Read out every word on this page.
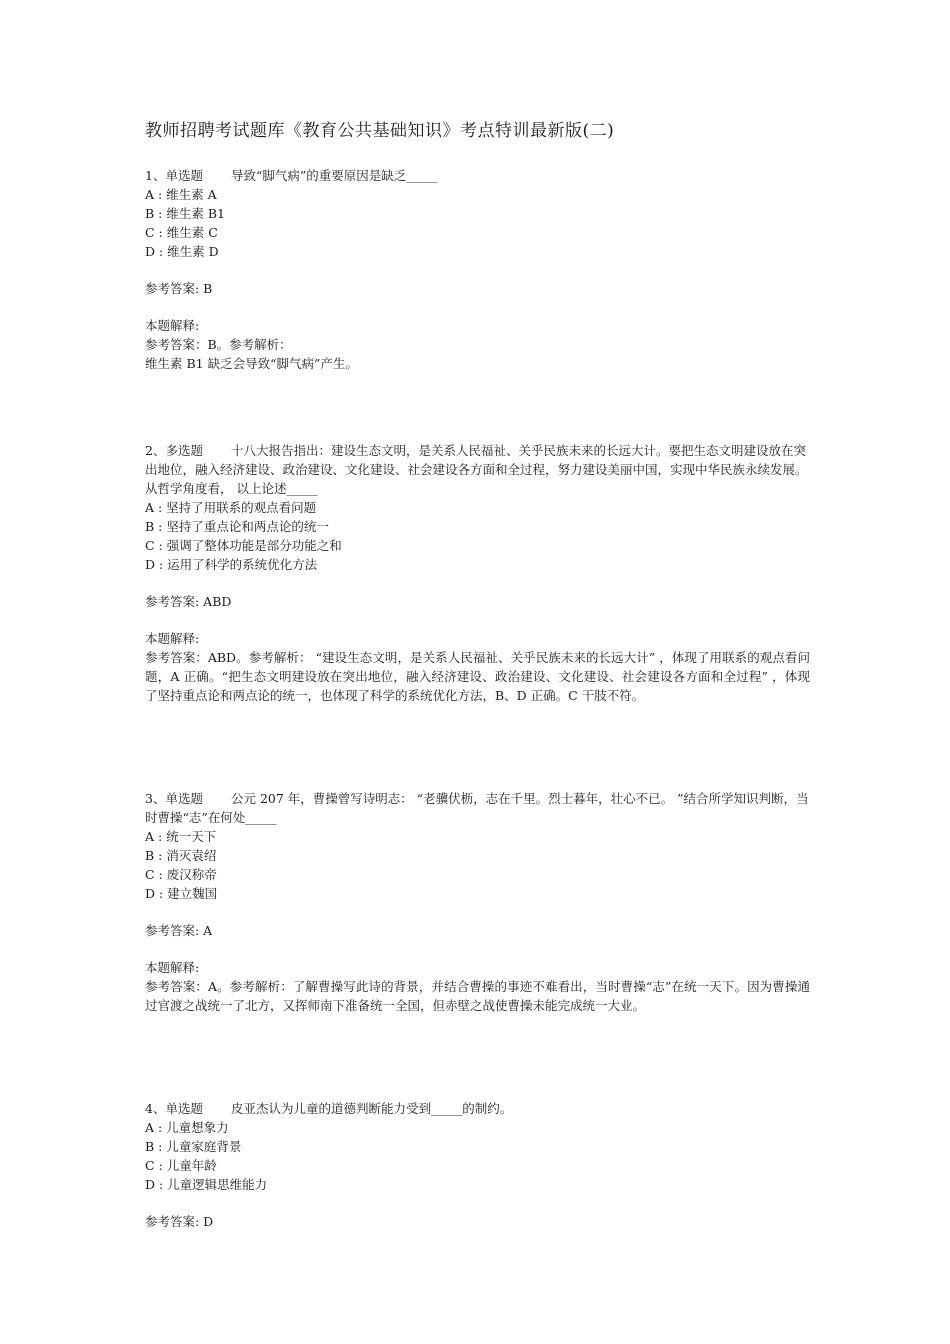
教师招聘考试题库《教育公共基础知识》考点特训最新版(二)

1、单选题 导致“脚气病”的重要原因是缺乏_____

A : 维生素 A

B : 维生素 B1

C : 维生素 C

D : 维生素 D

参考答案: B

本题解释:

参考答案：B。参考解析：

维生素 B1 缺乏会导致“脚气病”产生。

2、多选题 十八大报告指出：建设生态文明，是关系人民福祉、关乎民族未来的长远大计。要把生态文明建设放在突出地位，融入经济建设、政治建设、文化建设、社会建设各方面和全过程，努力建设美丽中国，实现中华民族永续发展。从哲学角度看， 以上论述_____

A : 坚持了用联系的观点看问题

B : 坚持了重点论和两点论的统一

C : 强调了整体功能是部分功能之和

D : 运用了科学的系统优化方法

参考答案: ABD

本题解释:

参考答案：ABD。参考解析： “建设生态文明，是关系人民福祉、关乎民族未来的长远大计” ，体现了用联系的观点看问题，A 正确。“把生态文明建设放在突出地位，融入经济建设、政治建设、文化建设、社会建设各方面和全过程” ，体现了坚持重点论和两点论的统一，也体现了科学的系统优化方法，B、D 正确。C 干肢不符。

3、单选题 公元 207 年，曹操曾写诗明志： “老骥伏枥，志在千里。烈士暮年，壮心不已。 ”结合所学知识判断，当时曹操“志”在何处_____

A : 统一天下

B : 消灭袁绍

C : 废汉称帝

D : 建立魏国

参考答案: A

本题解释:

参考答案：A。参考解析：了解曹操写此诗的背景，并结合曹操的事迹不难看出，当时曹操“志”在统一天下。因为曹操通过官渡之战统一了北方，又挥师南下准备统一全国，但赤壁之战使曹操未能完成统一大业。

4、单选题 皮亚杰认为儿童的道德判断能力受到_____的制约。

A : 儿童想象力

B : 儿童家庭背景

C : 儿童年龄

D : 儿童逻辑思维能力

参考答案: D
